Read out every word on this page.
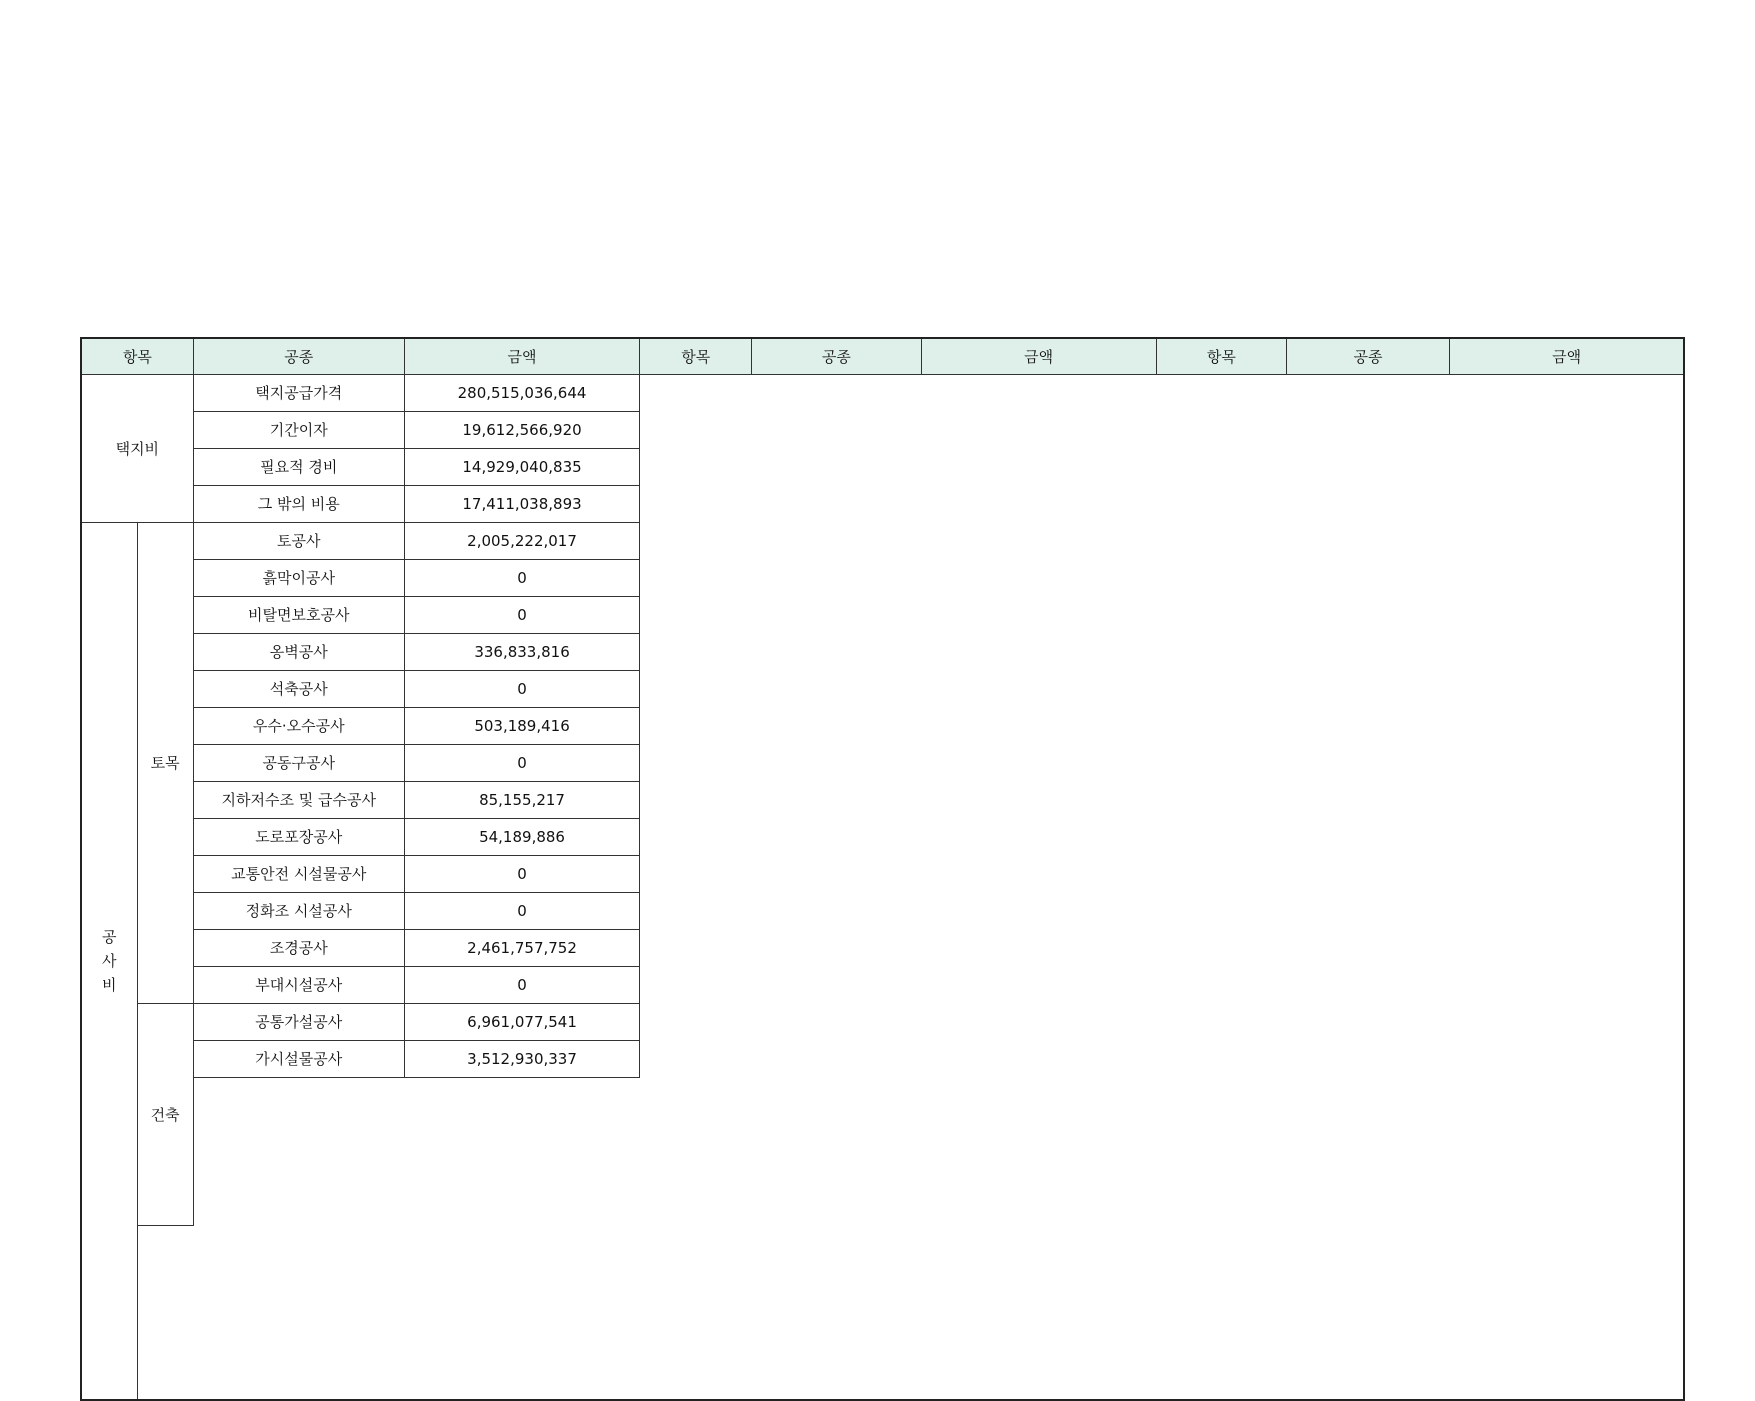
항목		공종	금액	항목	공종	금액	항목	공종	금액
택지비		택지공급가격	280,515,036,644						
		기간이자	19,612,566,920						
		필요적 경비	14,929,040,835						
		그 밖의 비용	17,411,038,893						
공
사
비	토목	토공사	2,005,222,017						
		흙막이공사	0						
		비탈면보호공사	0						
		옹벽공사	336,833,816						
		석축공사	0						
		우수·오수공사	503,189,416						
		공동구공사	0						
		지하저수조 및 급수공사	85,155,217						
		도로포장공사	54,189,886						
		교통안전 시설물공사	0						
		정화조 시설공사	0						
		조경공사	2,461,757,752						
		부대시설공사	0						
	건축	공통가설공사	6,961,077,541						
		가시설물공사	3,512,930,337						
